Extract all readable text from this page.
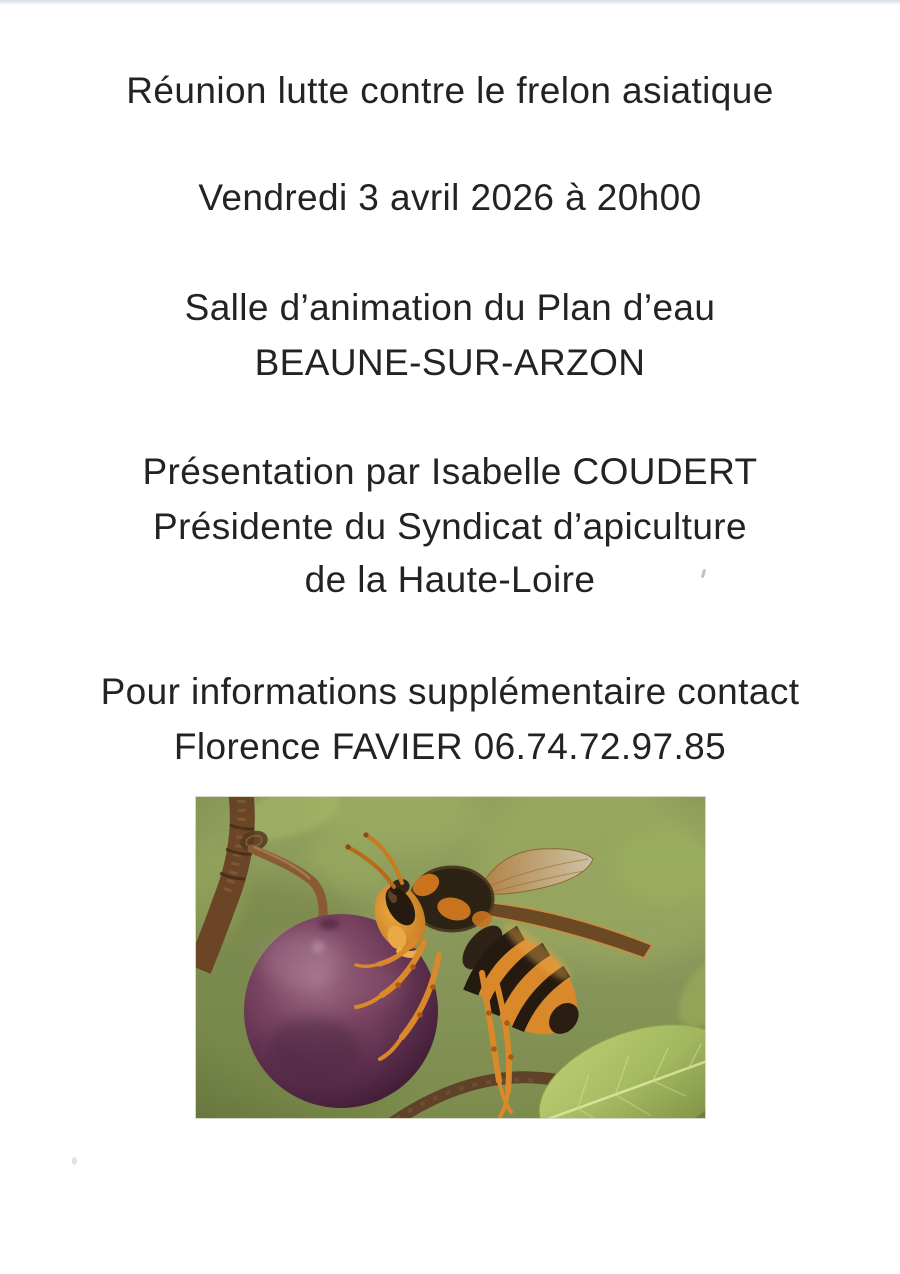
Réunion lutte contre le frelon asiatique

Vendredi 3 avril 2026 à 20h00

Salle d’animation du Plan d’eau

BEAUNE-SUR-ARZON

Présentation par Isabelle COUDERT

Présidente du Syndicat d’apiculture

de la Haute-Loire

Pour informations supplémentaire contact

Florence FAVIER 06.74.72.97.85
